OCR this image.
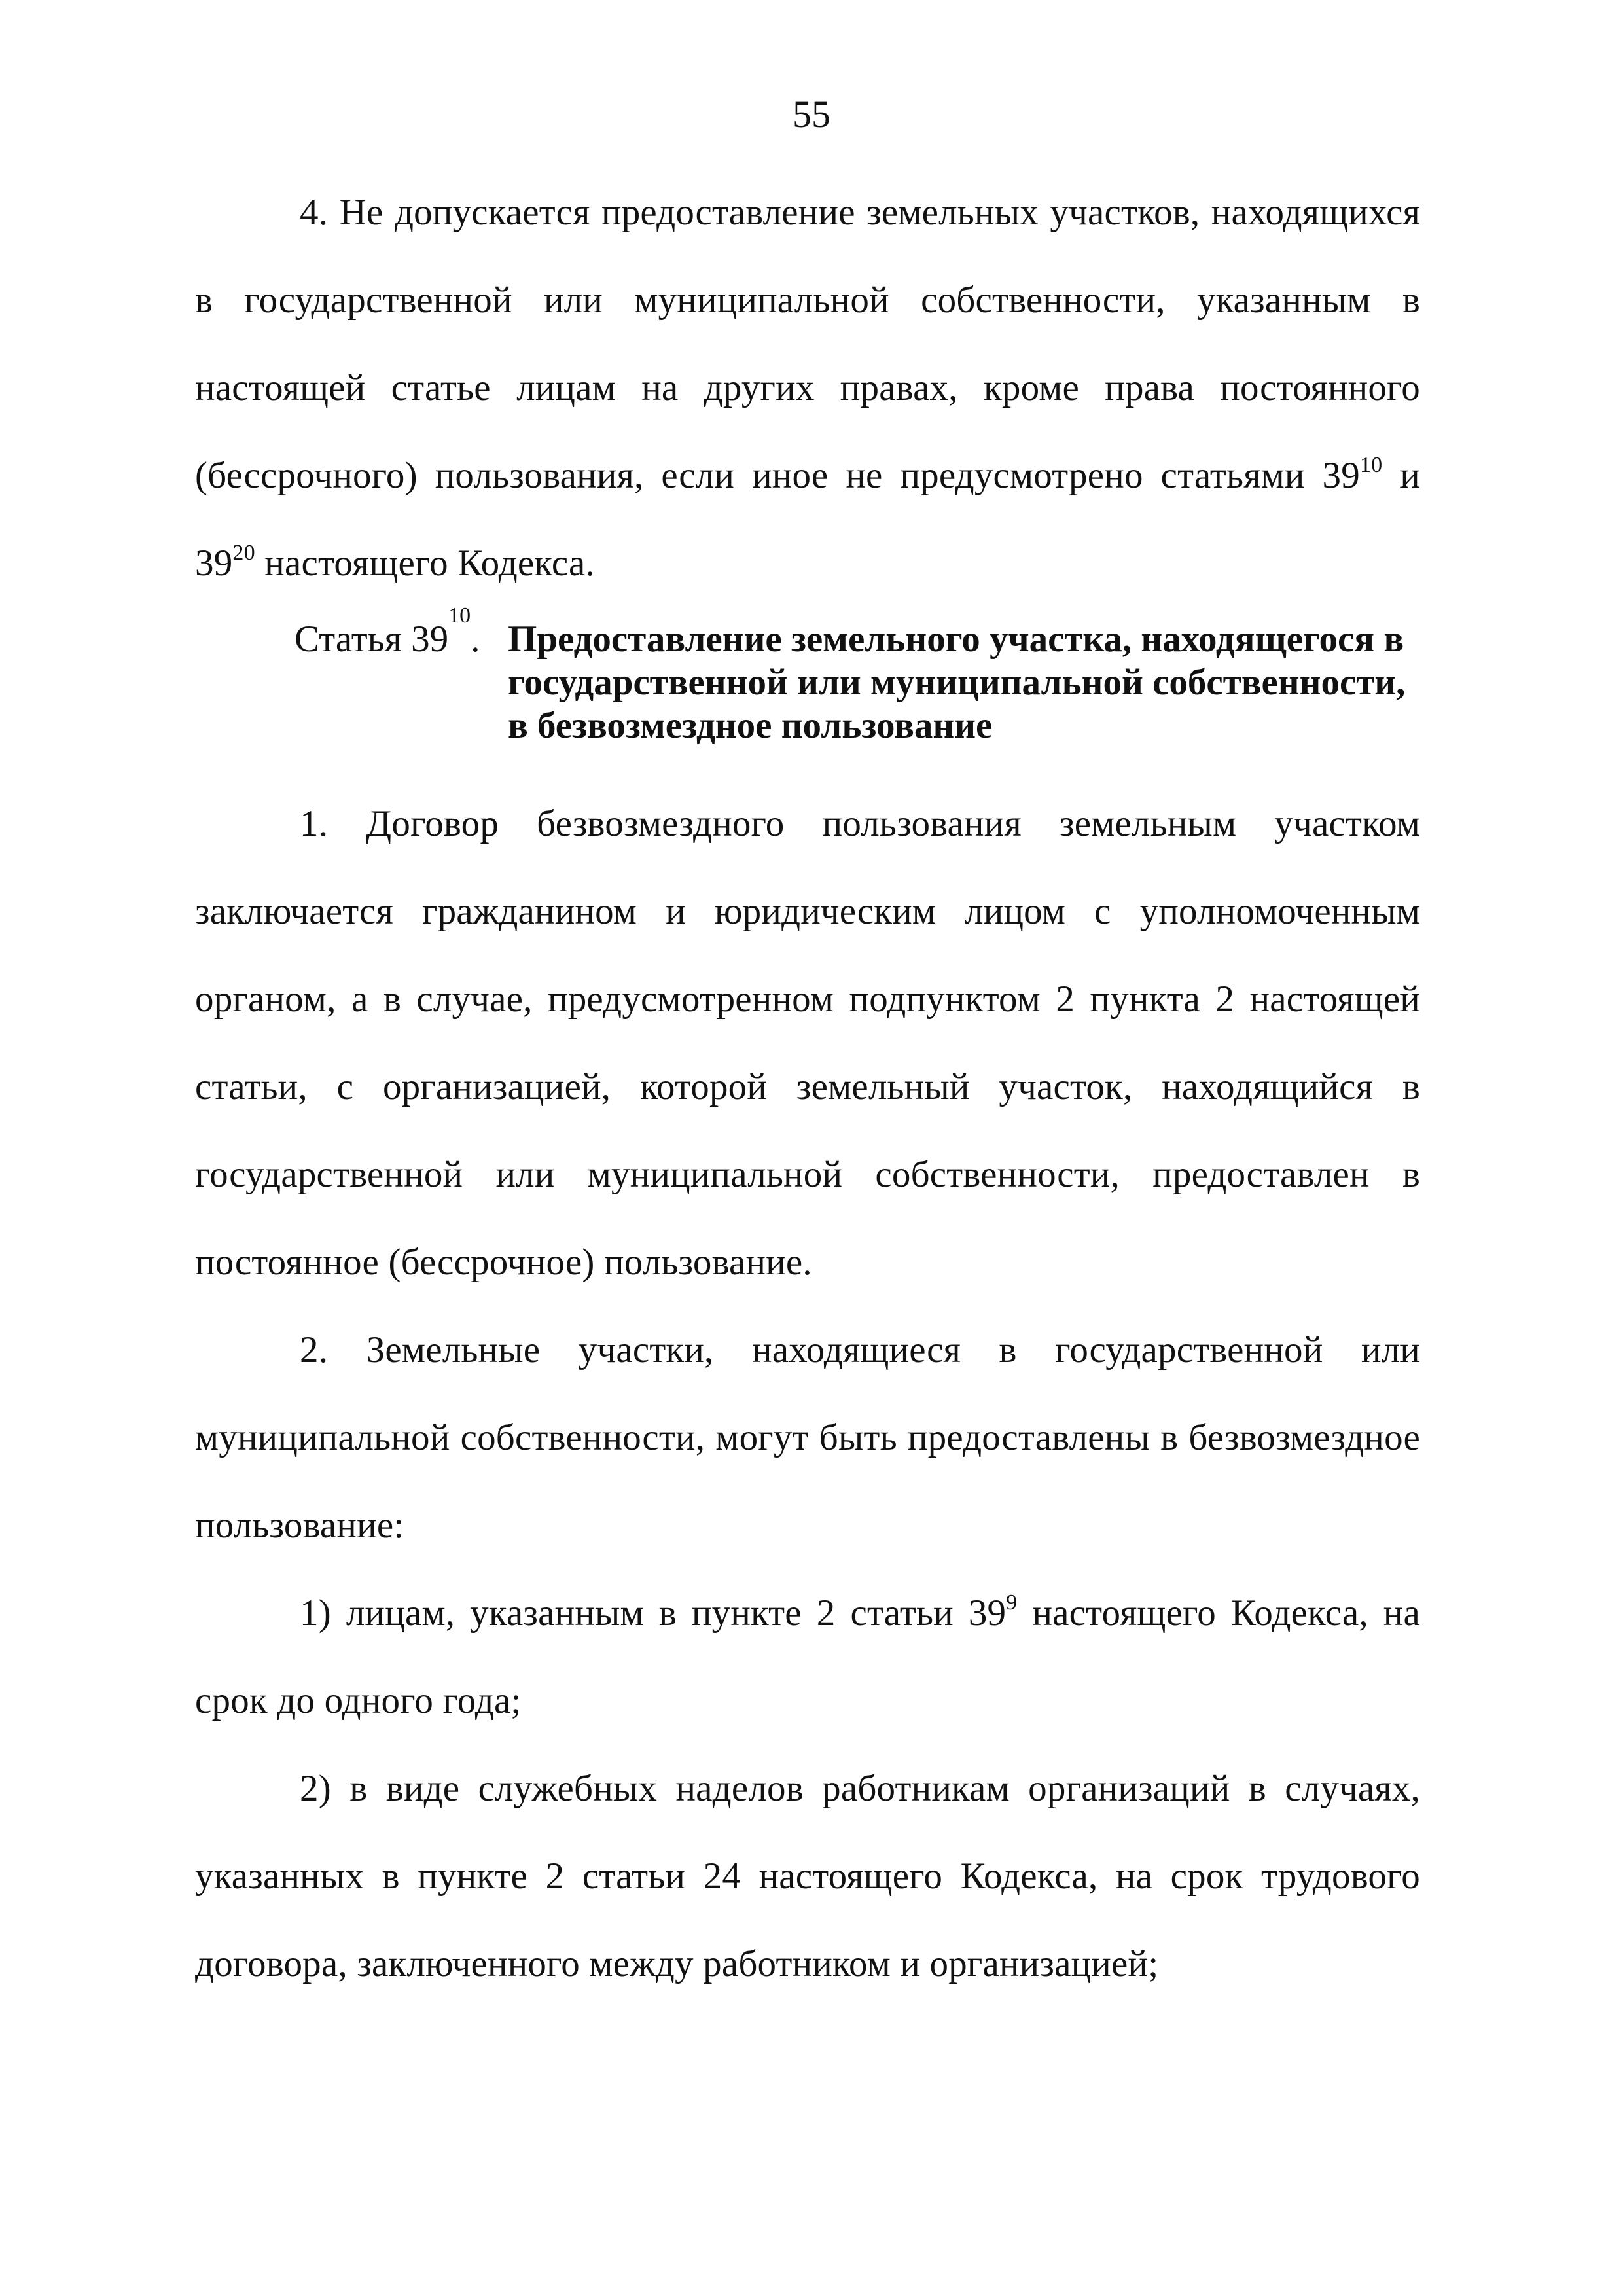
55

4. Не допускается предоставление земельных участков, находящихся в государственной или муниципальной собственности, указанным в настоящей статье лицам на других правах, кроме права постоянного (бессрочного) пользования, если иное не предусмотрено статьями $39^{10}$ и $39^{20}$ настоящего Кодекса.

Статья $39^{10}$. Предоставление земельного участка, находящегося в
государственной или муниципальной собственности,
в безвозмездное пользование

1. Договор безвозмездного пользования земельным участком заключается гражданином и юридическим лицом с уполномоченным органом, а в случае, предусмотренном подпунктом 2 пункта 2 настоящей статьи, с организацией, которой земельный участок, находящийся в государственной или муниципальной собственности, предоставлен в постоянное (бессрочное) пользование.

2. Земельные участки, находящиеся в государственной или муниципальной собственности, могут быть предоставлены в безвозмездное пользование:

1) лицам, указанным в пункте 2 статьи $39^9$ настоящего Кодекса, на срок до одного года;

2) в виде служебных наделов работникам организаций в случаях, указанных в пункте 2 статьи 24 настоящего Кодекса, на срок трудового договора, заключенного между работником и организацией;
